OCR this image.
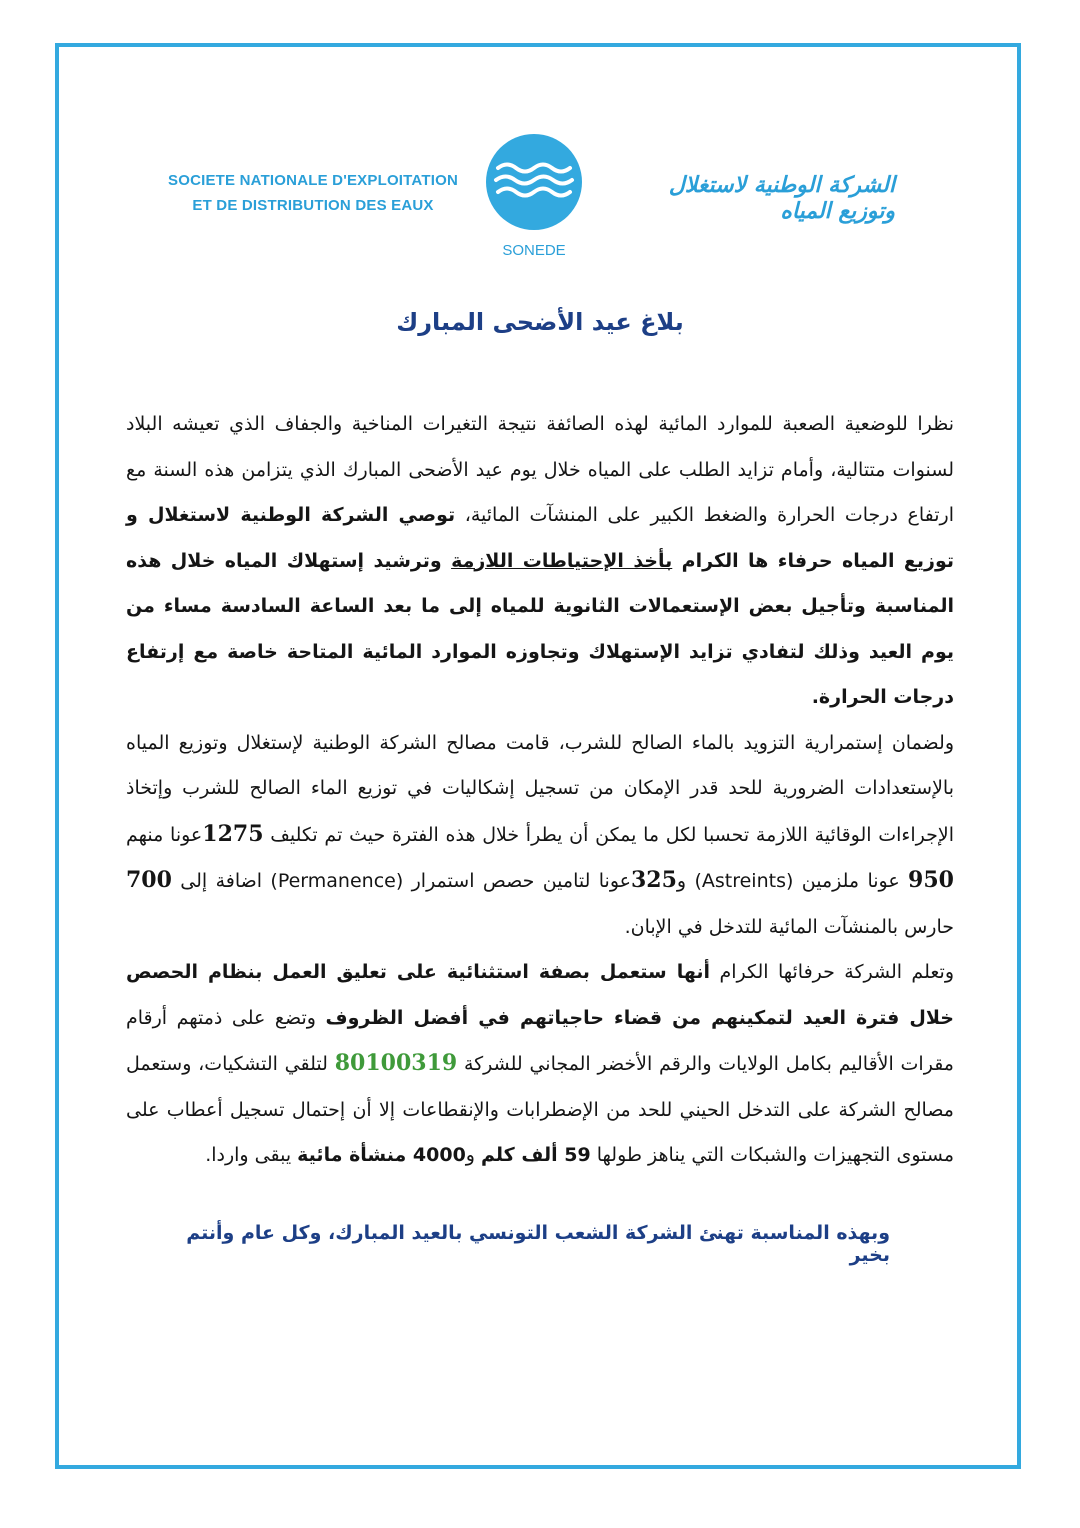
SOCIETE NATIONALE D'EXPLOITATION
ET DE DISTRIBUTION DES EAUX
SONEDE
الشركة الوطنية لاستغلال وتوزيع المياه
بلاغ عيد الأضحى المبارك

نظرا للوضعية الصعبة للموارد المائية لهذه الصائفة نتيجة التغيرات المناخية والجفاف الذي تعيشه البلاد لسنوات متتالية، وأمام تزايد الطلب على المياه خلال يوم عيد الأضحى المبارك الذي يتزامن هذه السنة مع ارتفاع درجات الحرارة والضغط الكبير على المنشآت المائية، توصي الشركة الوطنية لاستغلال و توزيع المياه حرفاء ها الكرام بأخذ الإحتياطات اللازمة وترشيد إستهلاك المياه خلال هذه المناسبة وتأجيل بعض الإستعمالات الثانوية للمياه إلى ما بعد الساعة السادسة مساء من يوم العيد وذلك لتفادي تزايد الإستهلاك وتجاوزه الموارد المائية المتاحة خاصة مع إرتفاع درجات الحرارة.

ولضمان إستمرارية التزويد بالماء الصالح للشرب، قامت مصالح الشركة الوطنية لإستغلال وتوزيع المياه بالإستعدادات الضرورية للحد قدر الإمكان من تسجيل إشكاليات في توزيع الماء الصالح للشرب وإتخاذ الإجراءات الوقائية اللازمة تحسبا لكل ما يمكن أن يطرأ خلال هذه الفترة حيث تم تكليف 1275عونا منهم 950 عونا ملزمين (Astreints) و325عونا لتامين حصص استمرار (Permanence) اضافة إلى 700 حارس بالمنشآت المائية للتدخل في الإبان.

وتعلم الشركة حرفائها الكرام أنها ستعمل بصفة استثنائية على تعليق العمل بنظام الحصص خلال فترة العيد لتمكينهم من قضاء حاجياتهم في أفضل الظروف وتضع على ذمتهم أرقام مقرات الأقاليم بكامل الولايات والرقم الأخضر المجاني للشركة 80100319 لتلقي التشكيات، وستعمل مصالح الشركة على التدخل الحيني للحد من الإضطرابات والإنقطاعات إلا أن إحتمال تسجيل أعطاب على مستوى التجهيزات والشبكات التي يناهز طولها 59 ألف كلم و4000 منشأة مائية يبقى واردا.

وبهذه المناسبة تهنئ الشركة الشعب التونسي بالعيد المبارك، وكل عام وأنتم بخير
